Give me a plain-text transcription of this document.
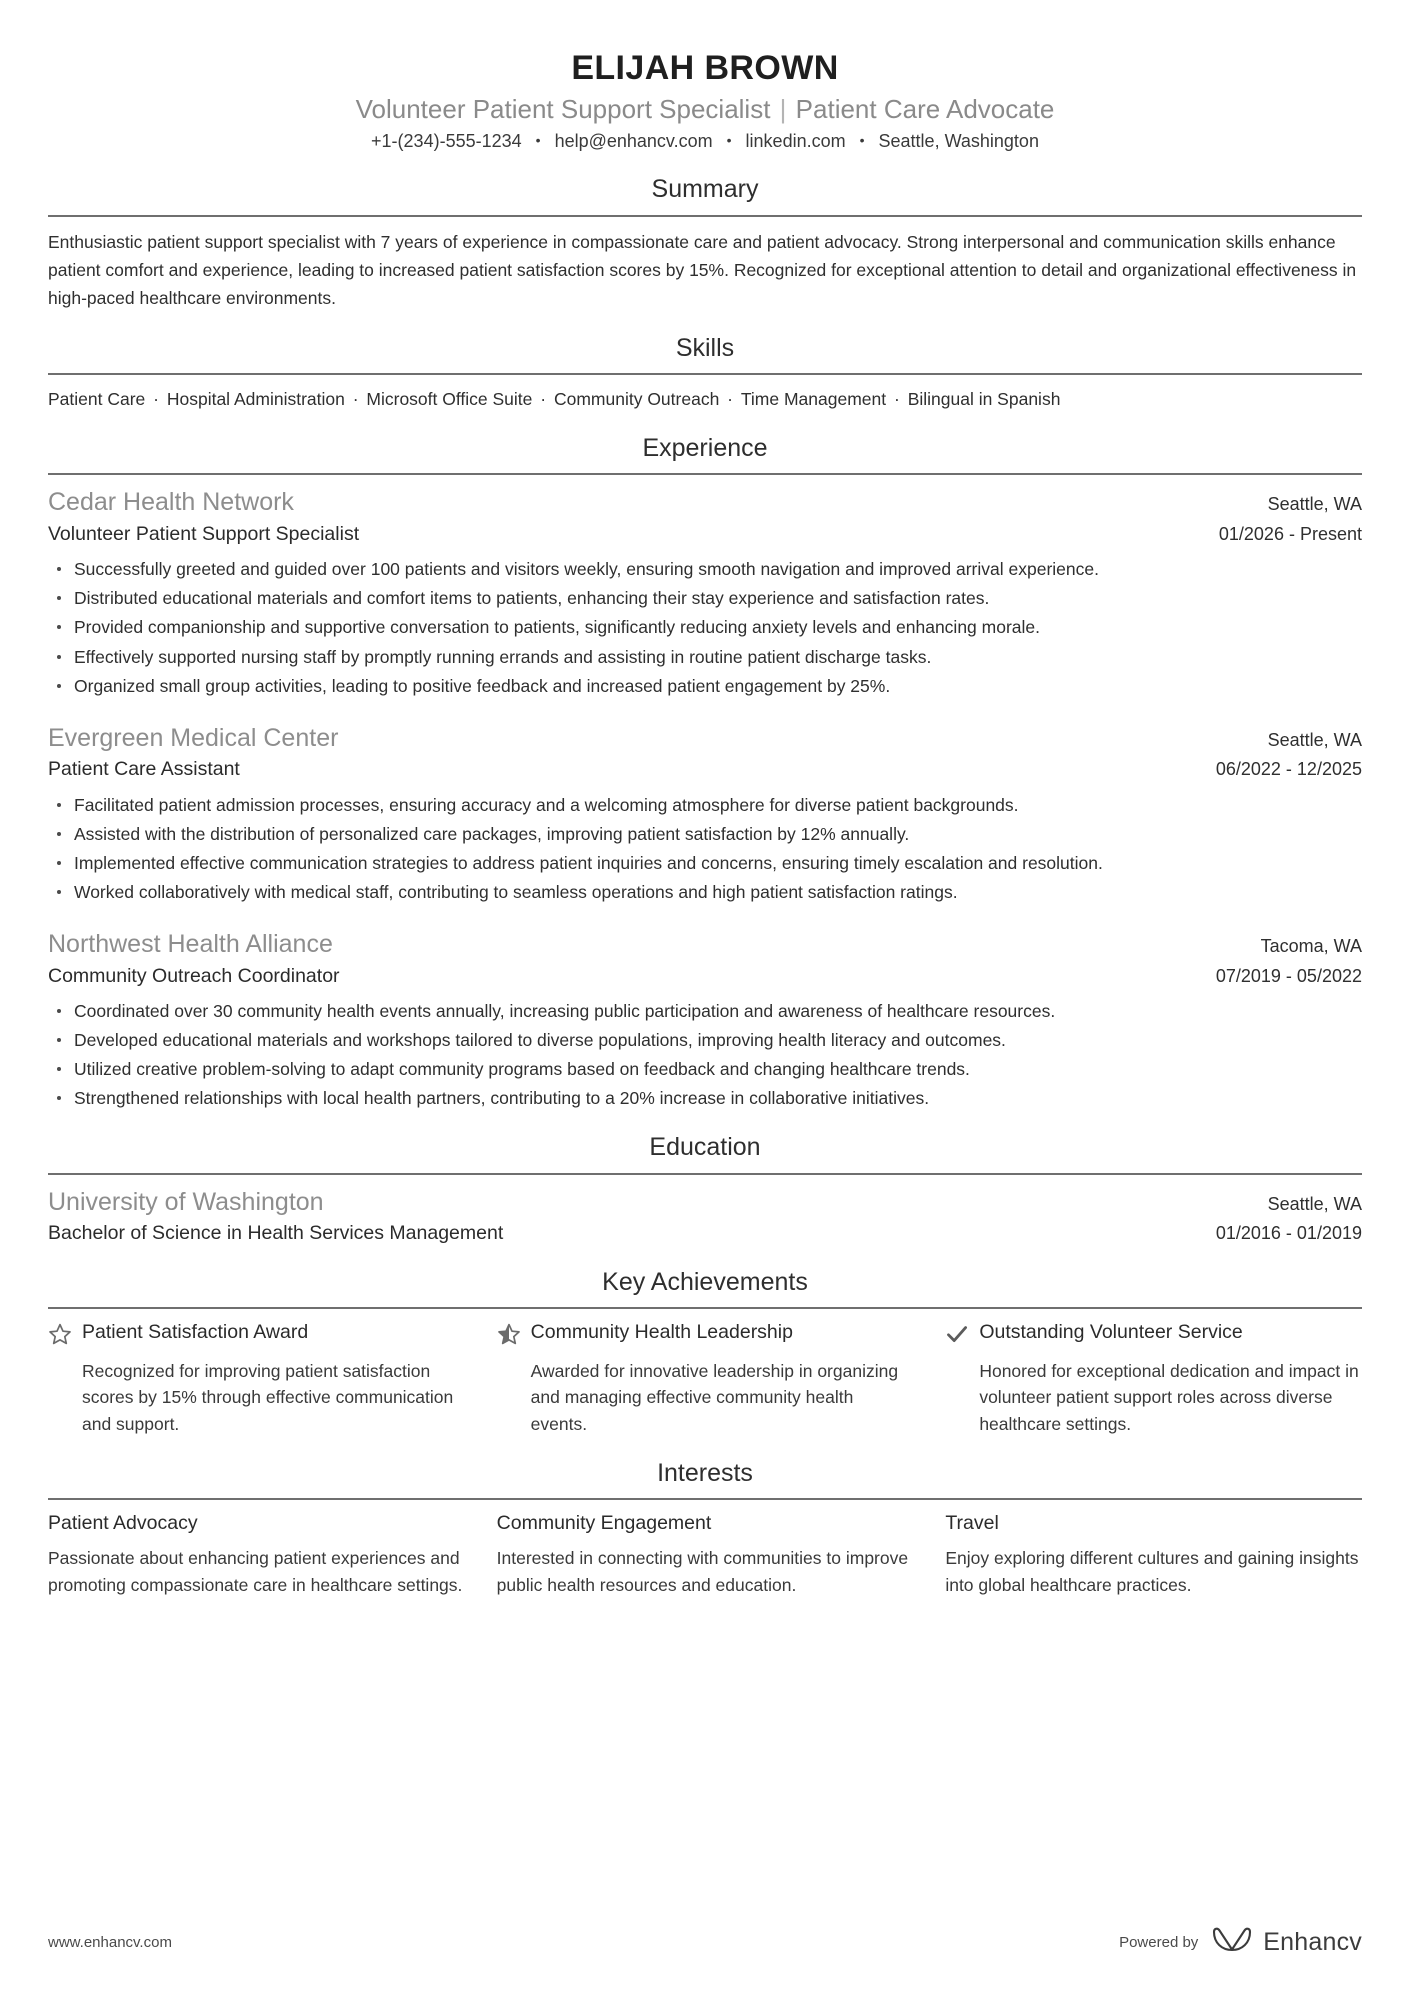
ELIJAH BROWN
Volunteer Patient Support Specialist | Patient Care Advocate
+1-(234)-555-1234 • help@enhancv.com • linkedin.com • Seattle, Washington
Summary

Enthusiastic patient support specialist with 7 years of experience in compassionate care and patient advocacy. Strong interpersonal and communication skills enhance patient comfort and experience, leading to increased patient satisfaction scores by 15%. Recognized for exceptional attention to detail and organizational effectiveness in high-paced healthcare environments.

Skills

Patient Care · Hospital Administration · Microsoft Office Suite · Community Outreach · Time Management · Bilingual in Spanish

Experience
Cedar Health Network	Seattle, WA
Volunteer Patient Support Specialist	01/2026 - Present
Successfully greeted and guided over 100 patients and visitors weekly, ensuring smooth navigation and improved arrival experience.
Distributed educational materials and comfort items to patients, enhancing their stay experience and satisfaction rates.
Provided companionship and supportive conversation to patients, significantly reducing anxiety levels and enhancing morale.
Effectively supported nursing staff by promptly running errands and assisting in routine patient discharge tasks.
Organized small group activities, leading to positive feedback and increased patient engagement by 25%.
Evergreen Medical Center	Seattle, WA
Patient Care Assistant	06/2022 - 12/2025
Facilitated patient admission processes, ensuring accuracy and a welcoming atmosphere for diverse patient backgrounds.
Assisted with the distribution of personalized care packages, improving patient satisfaction by 12% annually.
Implemented effective communication strategies to address patient inquiries and concerns, ensuring timely escalation and resolution.
Worked collaboratively with medical staff, contributing to seamless operations and high patient satisfaction ratings.
Northwest Health Alliance	Tacoma, WA
Community Outreach Coordinator	07/2019 - 05/2022
Coordinated over 30 community health events annually, increasing public participation and awareness of healthcare resources.
Developed educational materials and workshops tailored to diverse populations, improving health literacy and outcomes.
Utilized creative problem-solving to adapt community programs based on feedback and changing healthcare trends.
Strengthened relationships with local health partners, contributing to a 20% increase in collaborative initiatives.
Education
University of Washington	Seattle, WA
Bachelor of Science in Health Services Management	01/2016 - 01/2019
Key Achievements
Patient Satisfaction Award
Recognized for improving patient satisfaction scores by 15% through effective communication and support.
Community Health Leadership
Awarded for innovative leadership in organizing and managing effective community health events.
Outstanding Volunteer Service
Honored for exceptional dedication and impact in volunteer patient support roles across diverse healthcare settings.
Interests
Patient Advocacy
Passionate about enhancing patient experiences and promoting compassionate care in healthcare settings.
Community Engagement
Interested in connecting with communities to improve public health resources and education.
Travel
Enjoy exploring different cultures and gaining insights into global healthcare practices.
www.enhancv.com	Powered by	Enhancv
